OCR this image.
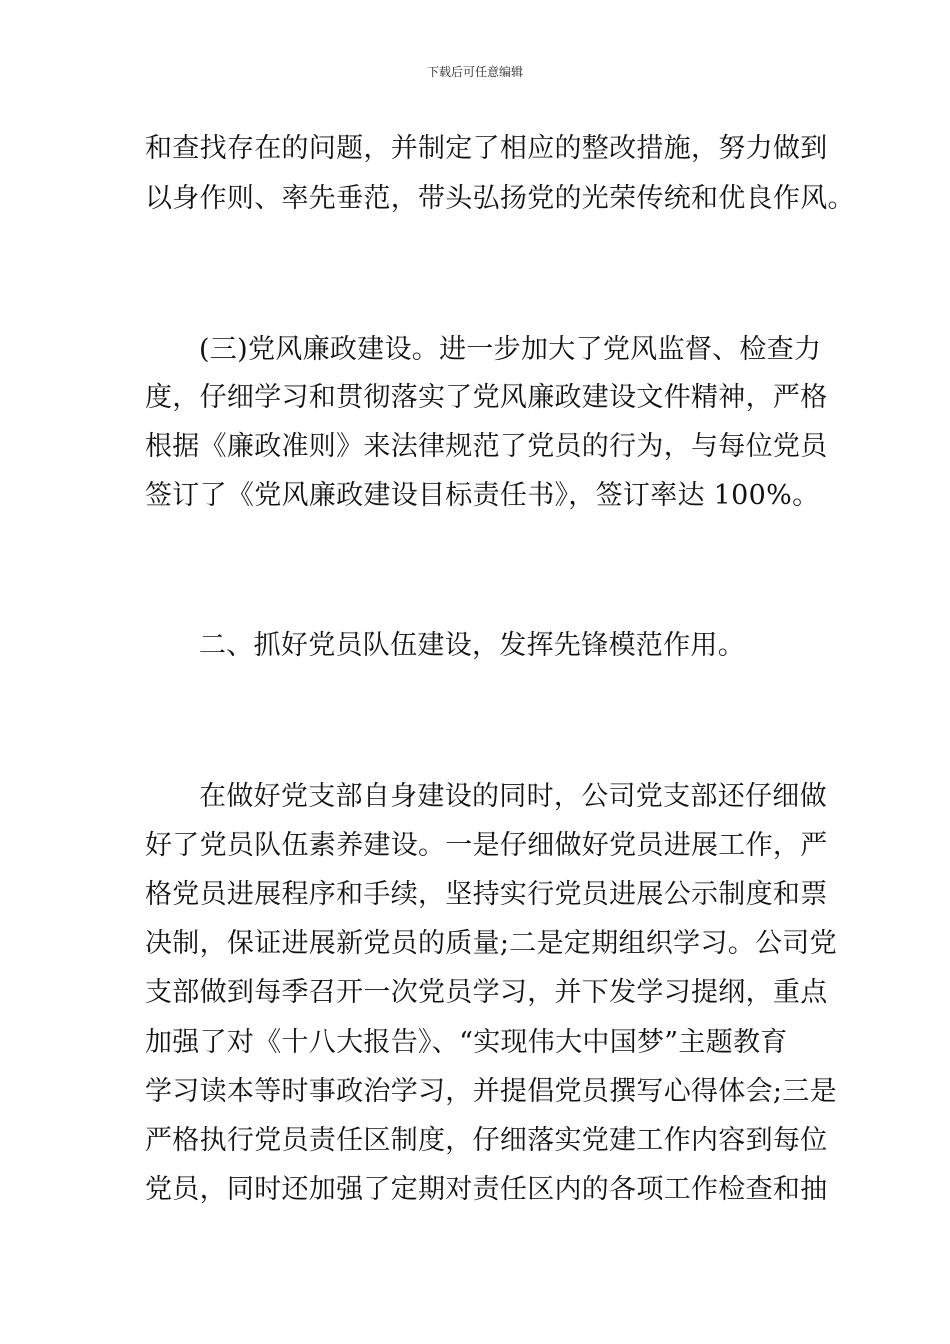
下载后可任意编辑
和查找存在的问题，并制定了相应的整改措施，努力做到
以身作则、率先垂范，带头弘扬党的光荣传统和优良作风。
(三)党风廉政建设。进一步加大了党风监督、检查力
度，仔细学习和贯彻落实了党风廉政建设文件精神，严格
根据《廉政准则》来法律规范了党员的行为，与每位党员
签订了《党风廉政建设目标责任书》，签订率达 100%。
二、抓好党员队伍建设，发挥先锋模范作用。
在做好党支部自身建设的同时，公司党支部还仔细做
好了党员队伍素养建设。一是仔细做好党员进展工作，严
格党员进展程序和手续，坚持实行党员进展公示制度和票
决制，保证进展新党员的质量;二是定期组织学习。公司党
支部做到每季召开一次党员学习，并下发学习提纲，重点
加强了对《十八大报告》、“实现伟大中国梦”主题教育
学习读本等时事政治学习，并提倡党员撰写心得体会;三是
严格执行党员责任区制度，仔细落实党建工作内容到每位
党员，同时还加强了定期对责任区内的各项工作检查和抽
